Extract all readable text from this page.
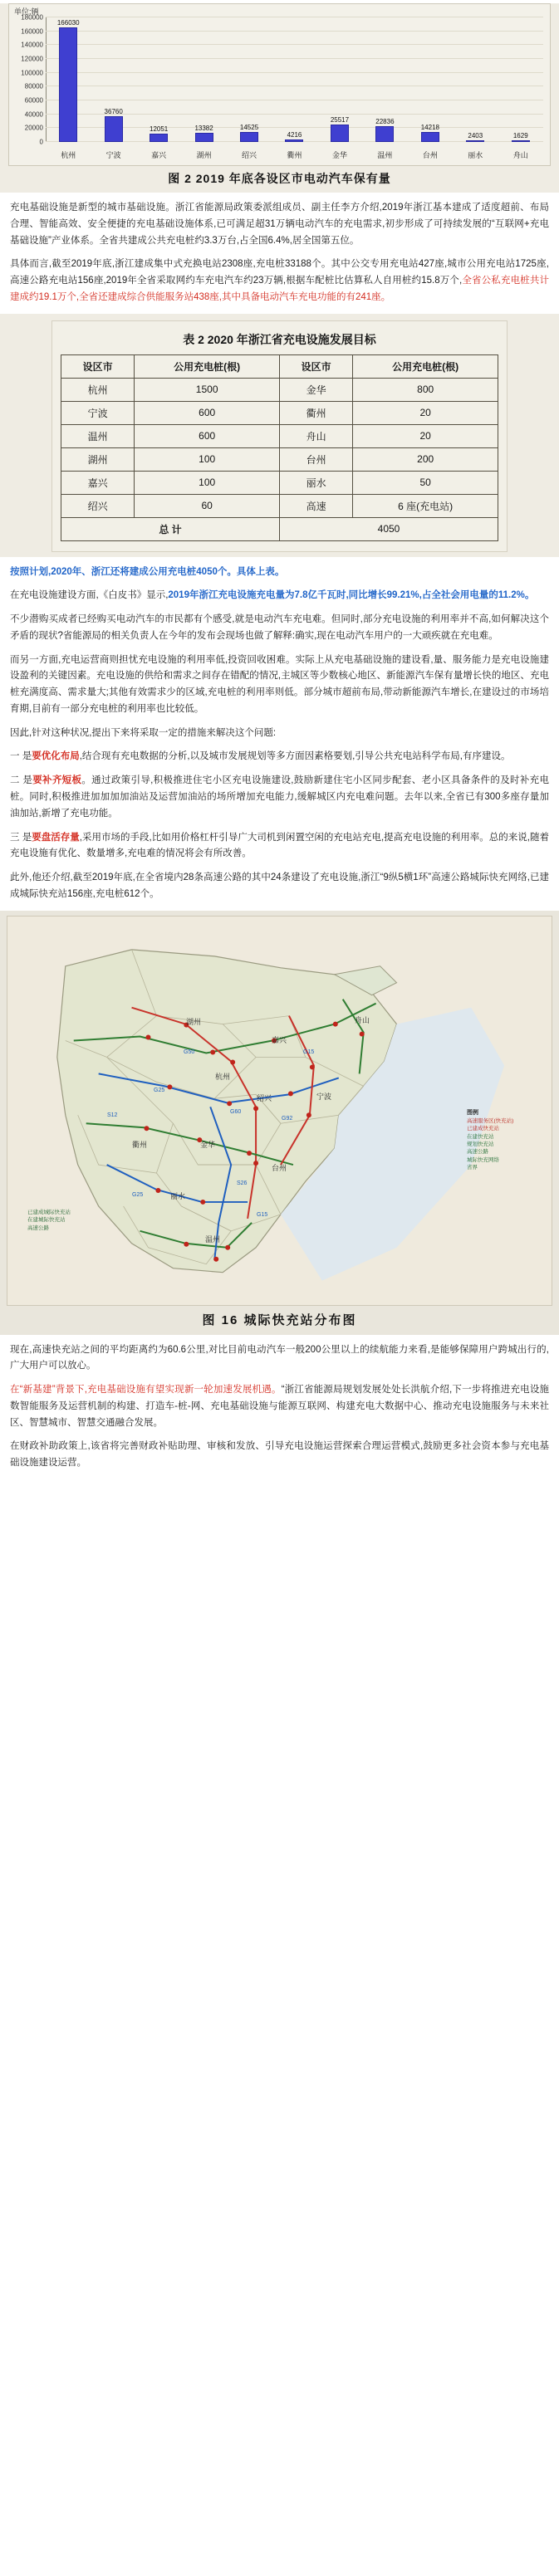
单位:辆
0
20000
40000
60000
80000
100000
120000
140000
160000
180000
166030
36760
12051	13382	14525
4216
25517	22836
14218
2403	1629
杭州	宁波	嘉兴	湖州	绍兴	衢州	金华	温州	台州	丽水	舟山
图 2 2019 年底各设区市电动汽车保有量

充电基础设施是新型的城市基础设施。浙江省能源局政策委派组成员、副主任李方介绍,2019年浙江基本建成了适度超前、布局合理、智能高效、安全便捷的充电基础设施体系,已可满足超31万辆电动汽车的充电需求,初步形成了可持续发展的“互联网+充电基础设施”产业体系。全省共建成公共充电桩约3.3万台,占全国6.4%,居全国第五位。

具体而言,截至2019年底,浙江建成集中式充换电站2308座,充电桩33188个。其中公交专用充电站427座,城市公用充电站1725座,高速公路充电站156座,2019年全省采取网约车充电汽车约23万辆,根据车配桩比估算私人自用桩约15.8万个,全省公私充电桩共计建成约19.1万个,全省还建成综合供能服务站438座,其中具备电动汽车充电功能的有241座。

表 2 2020 年浙江省充电设施发展目标
设区市	公用充电桩(根)	设区市	公用充电桩(根)
杭州	1500	金华	800
宁波	600	衢州	20
温州	600	舟山	20
湖州	100	台州	200
嘉兴	100	丽水	50
绍兴	60	高速	6 座(充电站)
总 计		4050	

按照计划,2020年、浙江还将建成公用充电桩4050个。具体上表。

在充电设施建设方面,《白皮书》显示,2019年浙江充电设施充电量为7.8亿千瓦时,同比增长99.21%,占全社会用电量的11.2%。

不少潜购买成者已经购买电动汽车的市民都有个感受,就是电动汽车充电难。但同时,部分充电设施的利用率并不高,如何解决这个矛盾的现状?省能源局的相关负责人在今年的发布会现场也做了解释:确实,现在电动汽车用户的一大顽疾就在充电难。

而另一方面,充电运营商则担忧充电设施的利用率低,投资回收困难。实际上从充电基础设施的建设看,量、服务能力是充电设施建设盈利的关键因素。充电设施的供给和需求之间存在错配的情况,主城区等少数核心地区、新能源汽车保有量增长快的地区、充电桩充满度高、需求量大;其他有效需求少的区域,充电桩的利用率则低。部分城市超前布局,带动新能源汽车增长,在建设过的市场培育期,目前有一部分充电桩的利用率也比较低。

因此,针对这种状况,提出下来将采取一定的措施来解决这个问题:

一 是要优化布局,结合现有充电数据的分析,以及城市发展规划等多方面因素格要划,引导公共充电站科学布局,有序建设。

二 是要补齐短板。通过政策引导,积极推进住宅小区充电设施建设,鼓励新建住宅小区同步配套、老小区具备条件的及时补充电桩。同时,积极推进加加加加油站及运营加油站的场所增加充电能力,缓解城区内充电难问题。去年以来,全省已有300多座存量加油加站,新增了充电功能。

三 是要盘活存量,采用市场的手段,比如用价格杠杆引导广大司机到闲置空闲的充电站充电,提高充电设施的利用率。总的来说,随着充电设施有优化、数量增多,充电难的情况将会有所改善。

此外,他还介绍,截至2019年底,在全省境内28条高速公路的其中24条建设了充电设施,浙江“9纵5横1环”高速公路城际快充网络,已建成城际快充站156座,充电桩612个。

舟山
杭州
湖州
嘉兴
宁波
绍兴
金华
衢州
丽水
台州
温州
G15
G25
G60
G92
G50
S26
G25
G15
S12	图例
高速服务区(快充站)
已建成快充站
在建快充站
规划快充站
高速公路
城际快充网络
省界
已建成城际快充站
在建城际快充站
高速公路
图 16 城际快充站分布图

现在,高速快充站之间的平均距离约为60.6公里,对比目前电动汽车一般200公里以上的续航能力来看,是能够保障用户跨城出行的,广大用户可以放心。

在“新基建”背景下,充电基础设施有望实现新一轮加速发展机遇。“浙江省能源局规划发展处处长洪航介绍,下一步将推进充电设施数智能服务及运营机制的构建、打造车-桩-网、充电基础设施与能源互联网、构建充电大数据中心、推动充电设施服务与未来社区、智慧城市、智慧交通融合发展。

在财政补助政策上,该省将完善财政补贴助理、审核和发放、引导充电设施运营探索合理运营模式,鼓励更多社会资本参与充电基础设施建设运营。
